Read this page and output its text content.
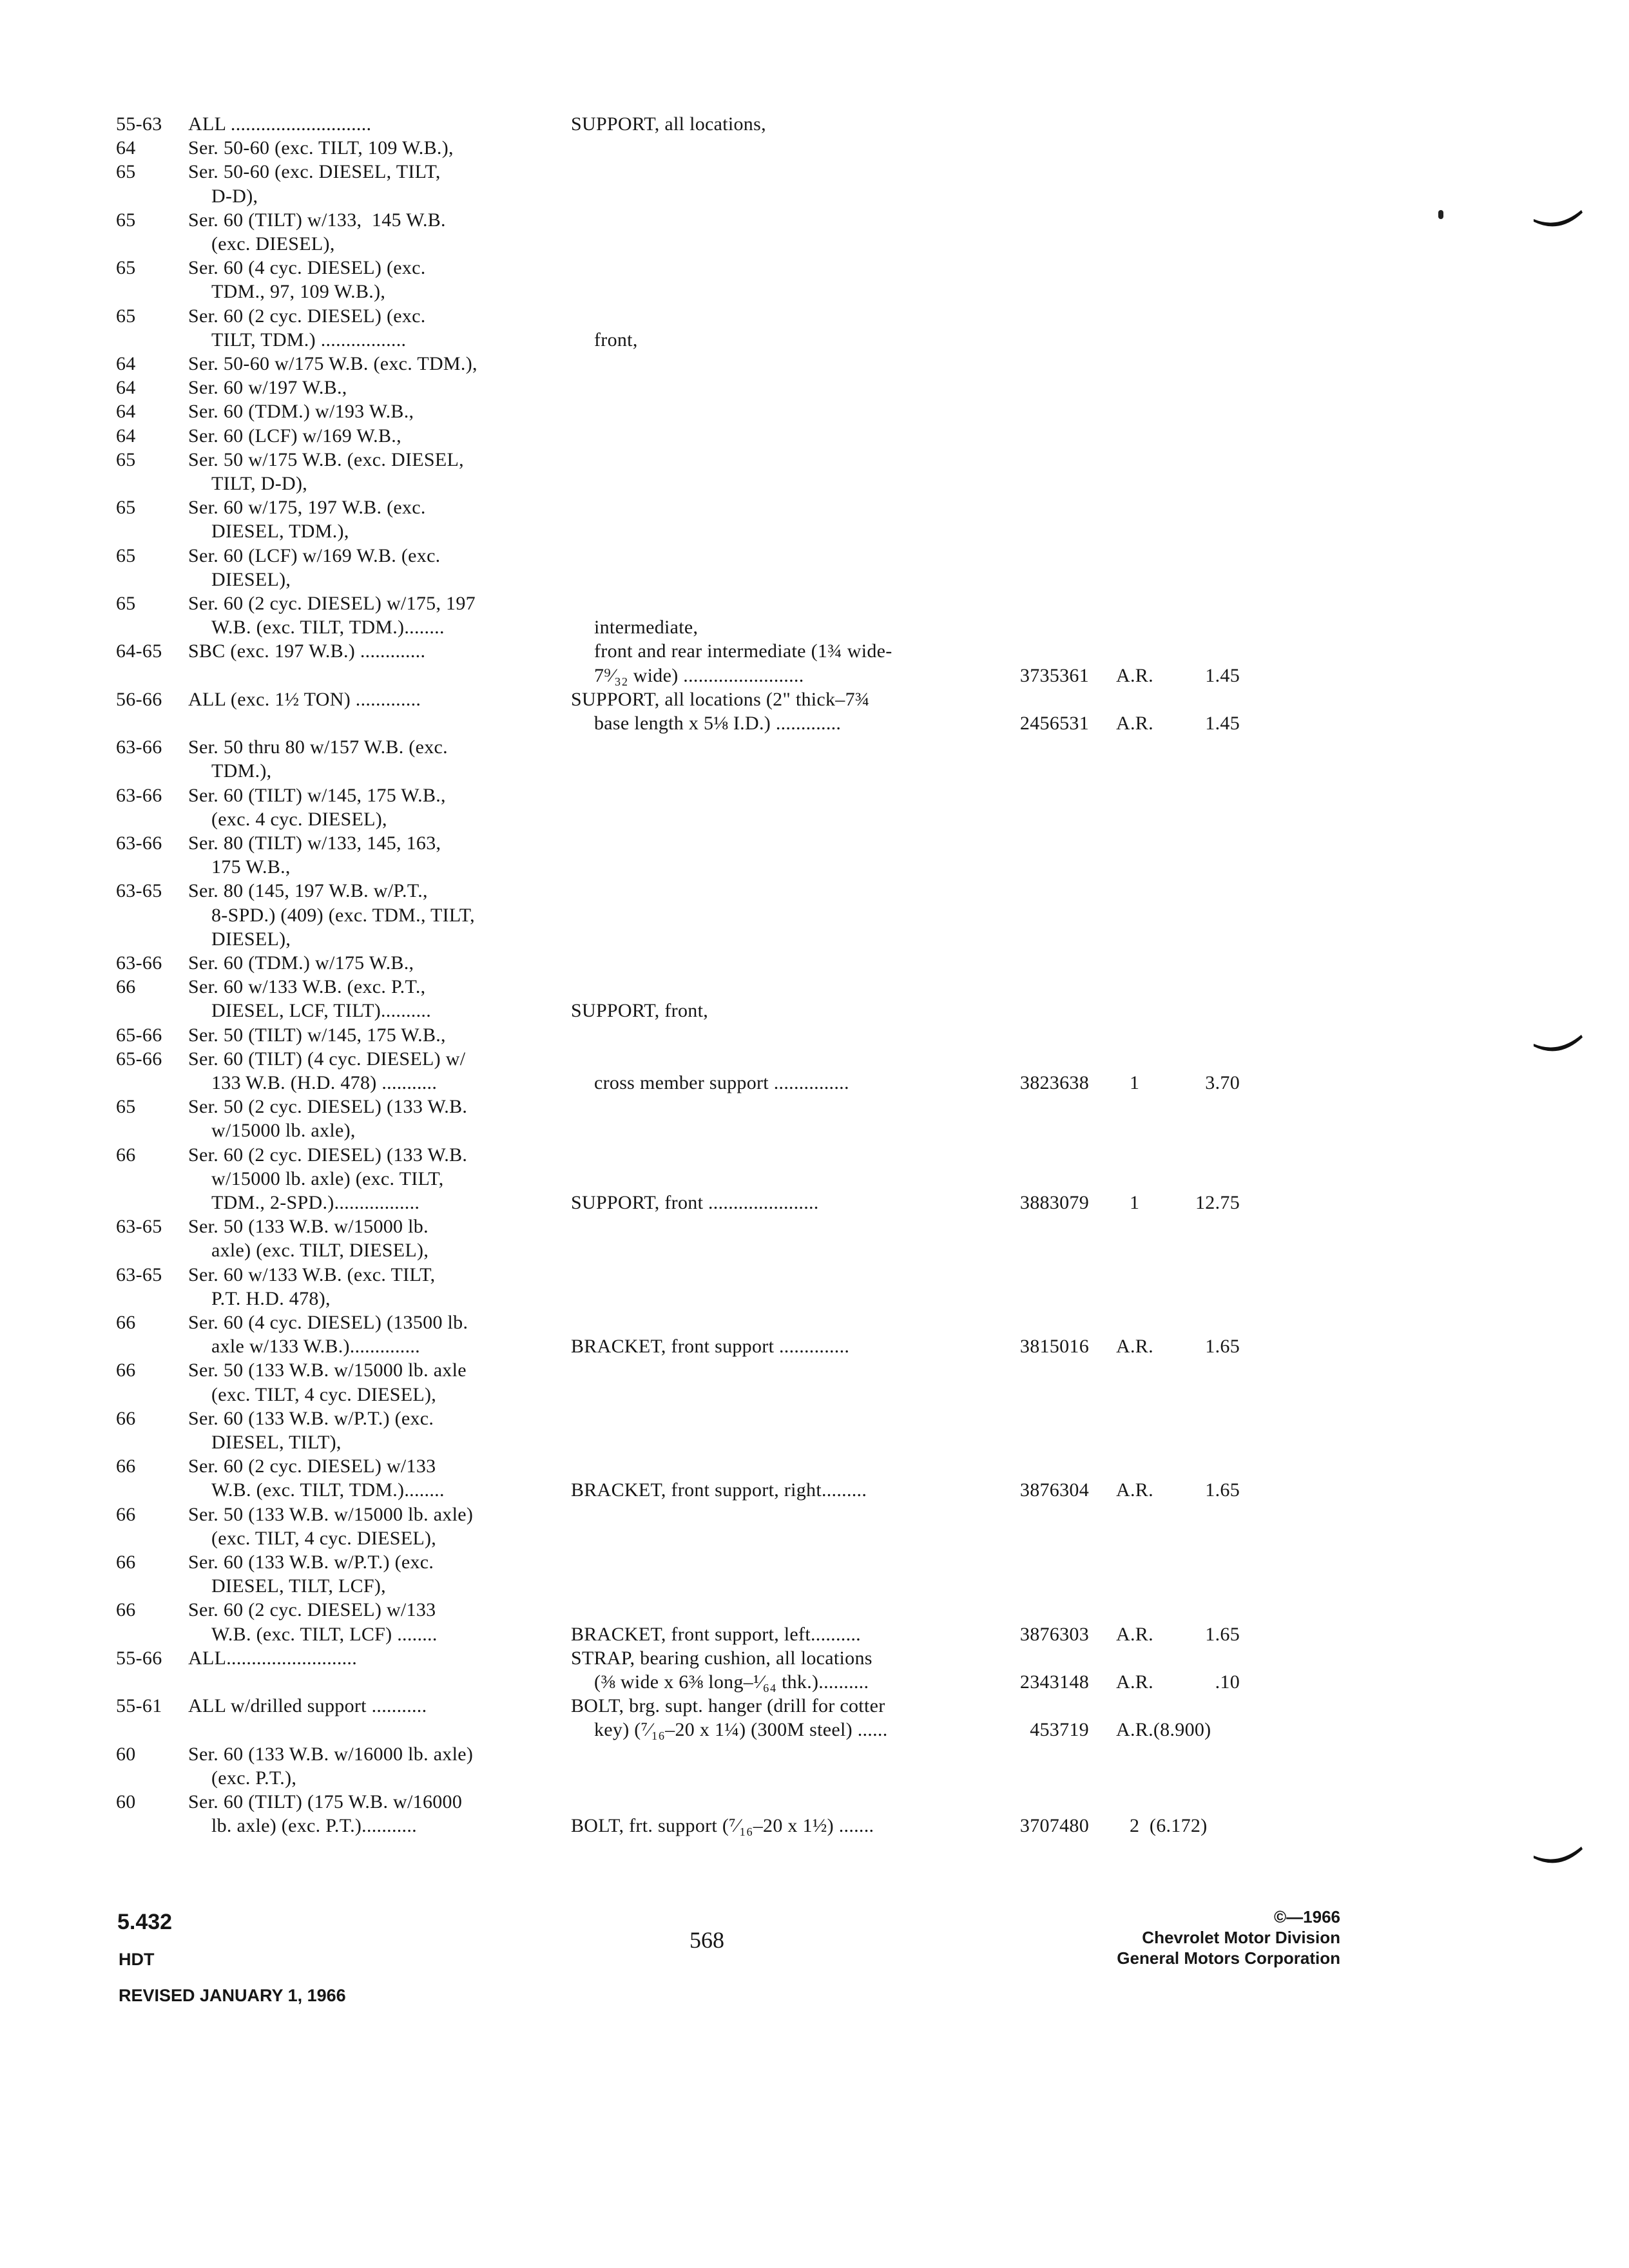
55-63 ALL ............................	SUPPORT, all locations,
64	Ser. 50-60 (exc. TILT, 109 W.B.),
65	Ser. 50-60 (exc. DIESEL, TILT,
D-D),
65	Ser. 60 (TILT) w/133,  145 W.B.
(exc. DIESEL),
65	Ser. 60 (4 cyc. DIESEL) (exc.
TDM., 97, 109 W.B.),
65	Ser. 60 (2 cyc. DIESEL) (exc.
TILT, TDM.) .................	front,
64	Ser. 50-60 w/175 W.B. (exc. TDM.),
64	Ser. 60 w/197 W.B.,
64	Ser. 60 (TDM.) w/193 W.B.,
64	Ser. 60 (LCF) w/169 W.B.,
65	Ser. 50 w/175 W.B. (exc. DIESEL,
TILT, D-D),
65	Ser. 60 w/175, 197 W.B. (exc.
DIESEL, TDM.),
65	Ser. 60 (LCF) w/169 W.B. (exc.
DIESEL),
65	Ser. 60 (2 cyc. DIESEL) w/175, 197
W.B. (exc. TILT, TDM.)........	intermediate,
64-65 SBC (exc. 197 W.B.) .............	front and rear intermediate (1¾ wide-
7⁹⁄₃₂ wide) ........................	3735361 A.R.	1.45
56-66 ALL (exc. 1½ TON) .............	SUPPORT, all locations (2" thick–7¾
base length x 5⅛ I.D.) .............	2456531 A.R.	1.45
63-66 Ser. 50 thru 80 w/157 W.B. (exc.
TDM.),
63-66 Ser. 60 (TILT) w/145, 175 W.B.,
(exc. 4 cyc. DIESEL),
63-66 Ser. 80 (TILT) w/133, 145, 163,
175 W.B.,
63-65 Ser. 80 (145, 197 W.B. w/P.T.,
8-SPD.) (409) (exc. TDM., TILT,
DIESEL),
63-66 Ser. 60 (TDM.) w/175 W.B.,
66	Ser. 60 w/133 W.B. (exc. P.T.,
DIESEL, LCF, TILT)..........	SUPPORT, front,
65-66 Ser. 50 (TILT) w/145, 175 W.B.,
65-66 Ser. 60 (TILT) (4 cyc. DIESEL) w/
133 W.B. (H.D. 478) ...........	cross member support ...............	3823638 1	3.70
65	Ser. 50 (2 cyc. DIESEL) (133 W.B.
w/15000 lb. axle),
66	Ser. 60 (2 cyc. DIESEL) (133 W.B.
w/15000 lb. axle) (exc. TILT,
TDM., 2-SPD.).................	SUPPORT, front ......................	3883079 1	12.75
63-65 Ser. 50 (133 W.B. w/15000 lb.
axle) (exc. TILT, DIESEL),
63-65 Ser. 60 w/133 W.B. (exc. TILT,
P.T. H.D. 478),
66	Ser. 60 (4 cyc. DIESEL) (13500 lb.
axle w/133 W.B.)..............	BRACKET, front support ..............	3815016 A.R.	1.65
66	Ser. 50 (133 W.B. w/15000 lb. axle
(exc. TILT, 4 cyc. DIESEL),
66	Ser. 60 (133 W.B. w/P.T.) (exc.
DIESEL, TILT),
66	Ser. 60 (2 cyc. DIESEL) w/133
W.B. (exc. TILT, TDM.)........	BRACKET, front support, right.........	3876304 A.R.	1.65
66	Ser. 50 (133 W.B. w/15000 lb. axle)
(exc. TILT, 4 cyc. DIESEL),
66	Ser. 60 (133 W.B. w/P.T.) (exc.
DIESEL, TILT, LCF),
66	Ser. 60 (2 cyc. DIESEL) w/133
W.B. (exc. TILT, LCF) ........	BRACKET, front support, left..........	3876303 A.R.	1.65
55-66 ALL..........................	STRAP, bearing cushion, all locations
(⅜ wide x 6⅜ long–¹⁄₆₄ thk.)..........	2343148 A.R.	.10
55-61 ALL w/drilled support ...........	BOLT, brg. supt. hanger (drill for cotter
key) (⁷⁄₁₆–20 x 1¼) (300M steel) ......	453719 A.R.(8.900)
60	Ser. 60 (133 W.B. w/16000 lb. axle)
(exc. P.T.),
60	Ser. 60 (TILT) (175 W.B. w/16000
lb. axle) (exc. P.T.)...........	BOLT, frt. support (⁷⁄₁₆–20 x 1½) .......	3707480 2  (6.172)
5.432
HDT
REVISED JANUARY 1, 1966
568
©—1966
Chevrolet Motor Division
General Motors Corporation
